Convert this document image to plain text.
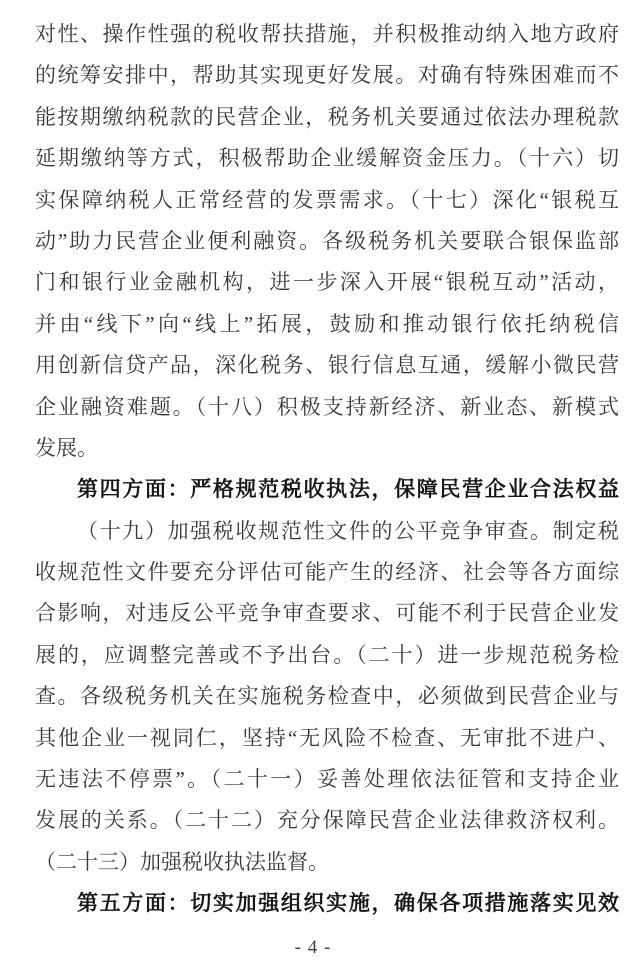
对性、操作性强的税收帮扶措施，并积极推动纳入地方政府
的统筹安排中，帮助其实现更好发展。对确有特殊困难而不
能按期缴纳税款的民营企业，税务机关要通过依法办理税款
延期缴纳等方式，积极帮助企业缓解资金压力。（十六）切
实保障纳税人正常经营的发票需求。（十七）深化“银税互
动”助力民营企业便利融资。各级税务机关要联合银保监部
门和银行业金融机构，进一步深入开展“银税互动”活动，
并由“线下”向“线上”拓展，鼓励和推动银行依托纳税信
用创新信贷产品，深化税务、银行信息互通，缓解小微民营
企业融资难题。（十八）积极支持新经济、新业态、新模式
发展。
第四方面：严格规范税收执法，保障民营企业合法权益
（十九）加强税收规范性文件的公平竞争审查。制定税
收规范性文件要充分评估可能产生的经济、社会等各方面综
合影响，对违反公平竞争审查要求、可能不利于民营企业发
展的，应调整完善或不予出台。（二十）进一步规范税务检
查。各级税务机关在实施税务检查中，必须做到民营企业与
其他企业一视同仁，坚持“无风险不检查、无审批不进户、
无违法不停票”。（二十一）妥善处理依法征管和支持企业
发展的关系。（二十二）充分保障民营企业法律救济权利。
（二十三）加强税收执法监督。
第五方面：切实加强组织实施，确保各项措施落实见效
- 4 -
